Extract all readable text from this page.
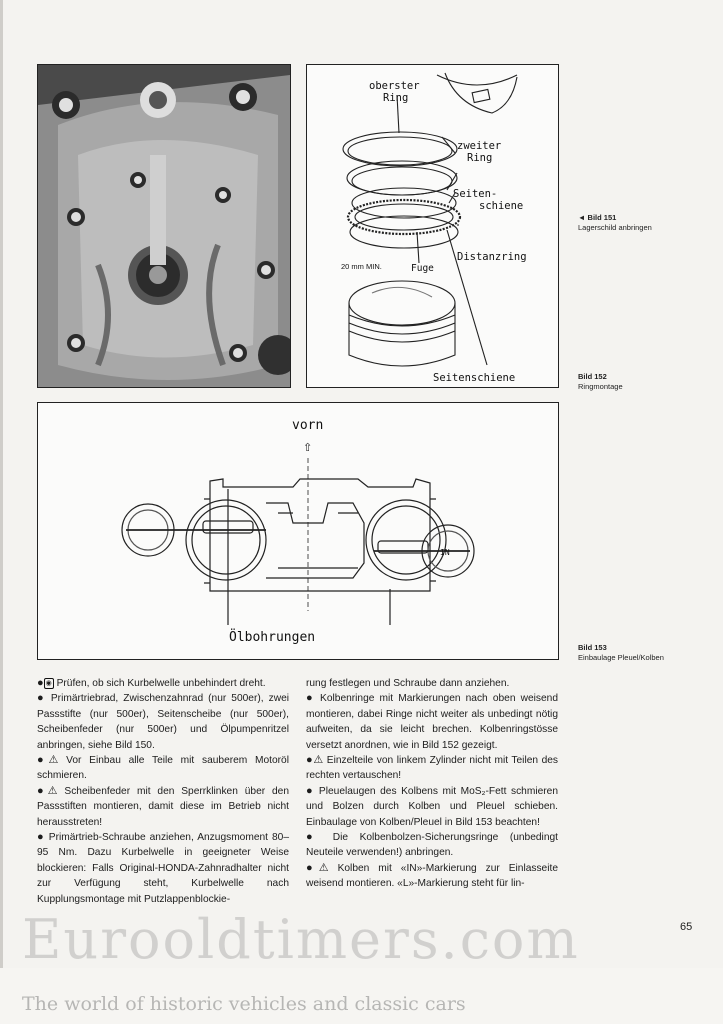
oberster
Ring
zweiter
Ring
Seiten-
schiene
Distanzring
Fuge
Seitenschiene
20 mm MIN.
vorn
⇧
Ölbohrungen
IN
◄ Bild 151
Lagerschild anbringen
Bild 152
Ringmontage
Bild 153
Einbaulage Pleuel/Kolben

● ◉ Prüfen, ob sich Kurbelwelle unbehindert dreht.

● Primärtriebrad, Zwischenzahnrad (nur 500er), zwei Passstifte (nur 500er), Seitenscheibe (nur 500er), Scheibenfeder (nur 500er) und Ölpumpenritzel anbringen, siehe Bild 150.

●⚠ Vor Einbau alle Teile mit sauberem Motoröl schmieren.

●⚠ Scheibenfeder mit den Sperrklinken über den Passstiften montieren, damit diese im Betrieb nicht herausstreten!

● Primärtrieb-Schraube anziehen, Anzugsmoment 80–95 Nm. Dazu Kurbelwelle in geeigneter Weise blockieren: Falls Original-HONDA-Zahnradhalter nicht zur Verfügung steht, Kurbelwelle nach Kupplungsmontage mit Putzlappenblockie-

rung festlegen und Schraube dann anziehen.

● Kolbenringe mit Markierungen nach oben weisend montieren, dabei Ringe nicht weiter als unbedingt nötig aufweiten, da sie leicht brechen. Kolbenringstösse versetzt anordnen, wie in Bild 152 gezeigt.

●⚠ Einzelteile von linkem Zylinder nicht mit Teilen des rechten vertauschen!

● Pleuelaugen des Kolbens mit MoS₂-Fett schmieren und Bolzen durch Kolben und Pleuel schieben. Einbaulage von Kolben/Pleuel in Bild 153 beachten!

● Die Kolbenbolzen-Sicherungsringe (unbedingt Neuteile verwenden!) anbringen.

●⚠ Kolben mit «IN»-Markierung zur Einlasseite weisend montieren. «L»-Markierung steht für lin-

65
Eurooldtimers.com
The world of historic vehicles and classic cars
